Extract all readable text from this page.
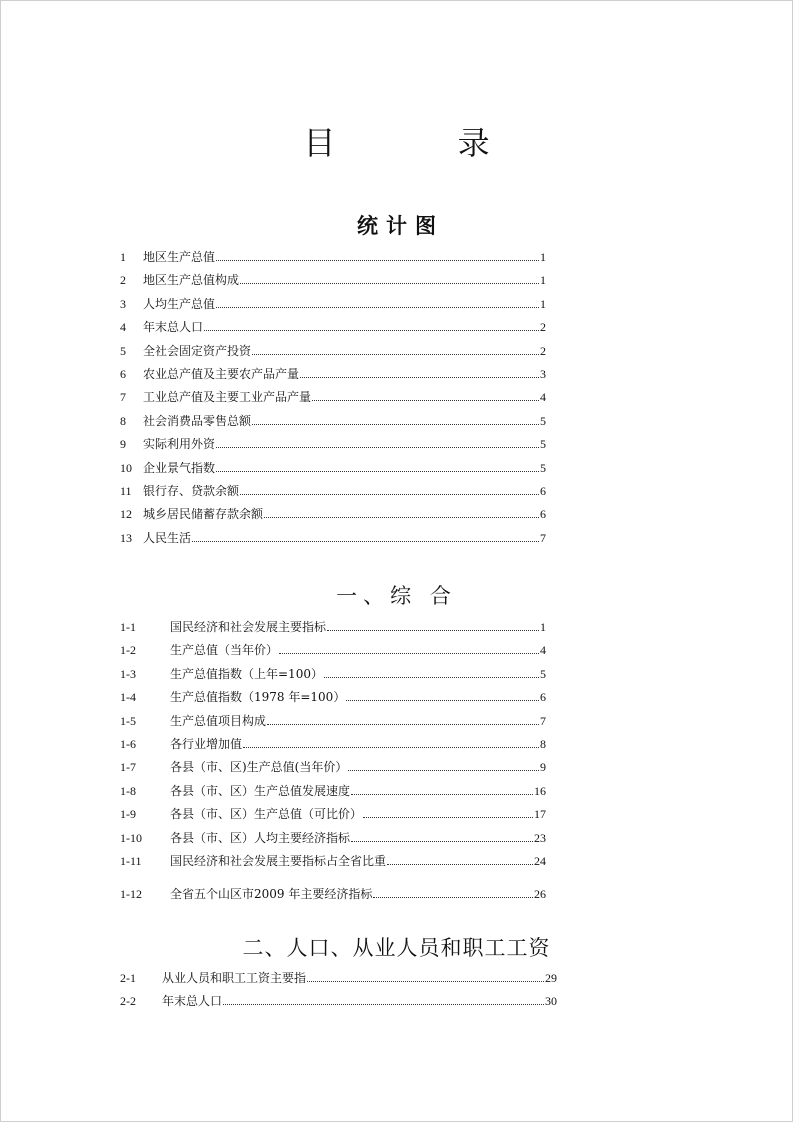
目 录
统计图
1	地区生产总值	1
2	地区生产总值构成	1
3	人均生产总值	1
4	年末总人口	2
5	全社会固定资产投资	2
6	农业总产值及主要农产品产量	3
7	工业总产值及主要工业产品产量	4
8	社会消费品零售总额	5
9	实际利用外资	5
10 企业景气指数	5
11 银行存、贷款余额	6
12 城乡居民储蓄存款余额	6
13 人民生活	7
一、综 合
1-1	国民经济和社会发展主要指标	1
1-2	生产总值（当年价）	4
1-3	生产总值指数（上年=100）	5
1-4	生产总值指数（1978 年=100）	6
1-5	生产总值项目构成	7
1-6	各行业增加值	8
1-7	各县（市、区)生产总值(当年价）	9
1-8	各县（市、区）生产总值发展速度	16
1-9	各县（市、区）生产总值（可比价）	17
1-10	各县（市、区）人均主要经济指标	23
1-11	国民经济和社会发展主要指标占全省比重	24
1-12	全省五个山区市2009 年主要经济指标	26
二、人口、从业人员和职工工资
2-1	从业人员和职工工资主要指	29
2-2	年末总人口	30
